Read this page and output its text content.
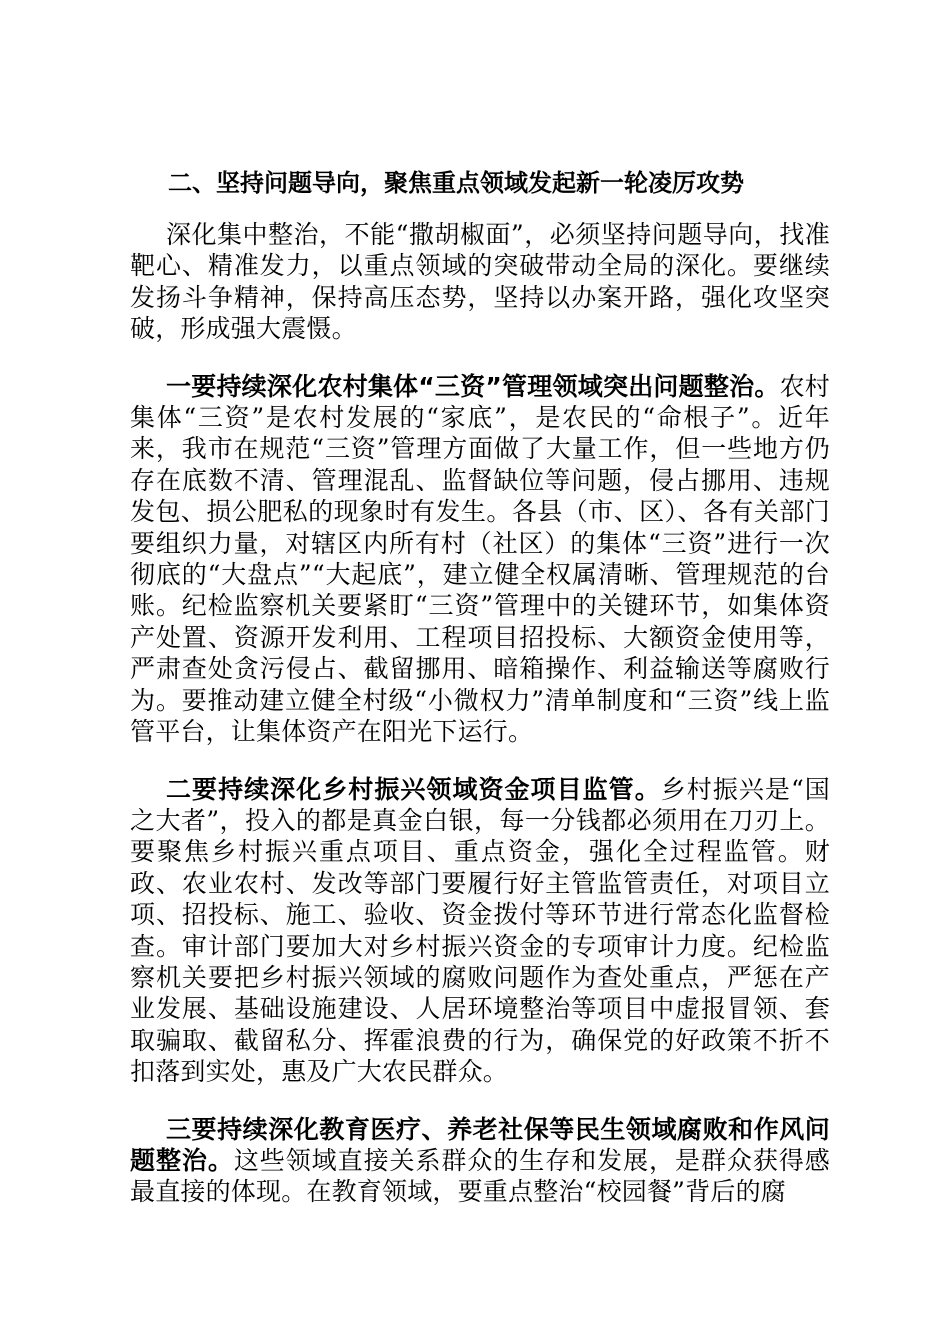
二、坚持问题导向，聚焦重点领域发起新一轮凌厉攻势

深化集中整治，不能“撒胡椒面”，必须坚持问题导向，找准靶心、精准发力，以重点领域的突破带动全局的深化。要继续发扬斗争精神，保持高压态势，坚持以办案开路，强化攻坚突破，形成强大震慑。

一要持续深化农村集体“三资”管理领域突出问题整治。农村集体“三资”是农村发展的“家底”，是农民的“命根子”。近年来，我市在规范“三资”管理方面做了大量工作，但一些地方仍存在底数不清、管理混乱、监督缺位等问题，侵占挪用、违规发包、损公肥私的现象时有发生。各县（市、区）、各有关部门要组织力量，对辖区内所有村（社区）的集体“三资”进行一次彻底的“大盘点”“大起底”，建立健全权属清晰、管理规范的台账。纪检监察机关要紧盯“三资”管理中的关键环节，如集体资产处置、资源开发利用、工程项目招投标、大额资金使用等，严肃查处贪污侵占、截留挪用、暗箱操作、利益输送等腐败行为。要推动建立健全村级“小微权力”清单制度和“三资”线上监管平台，让集体资产在阳光下运行。

二要持续深化乡村振兴领域资金项目监管。乡村振兴是“国之大者”，投入的都是真金白银，每一分钱都必须用在刀刃上。要聚焦乡村振兴重点项目、重点资金，强化全过程监管。财政、农业农村、发改等部门要履行好主管监管责任，对项目立项、招投标、施工、验收、资金拨付等环节进行常态化监督检查。审计部门要加大对乡村振兴资金的专项审计力度。纪检监察机关要把乡村振兴领域的腐败问题作为查处重点，严惩在产业发展、基础设施建设、人居环境整治等项目中虚报冒领、套取骗取、截留私分、挥霍浪费的行为，确保党的好政策不折不扣落到实处，惠及广大农民群众。

三要持续深化教育医疗、养老社保等民生领域腐败和作风问题整治。这些领域直接关系群众的生存和发展，是群众获得感最直接的体现。在教育领域，要重点整治“校园餐”背后的腐
